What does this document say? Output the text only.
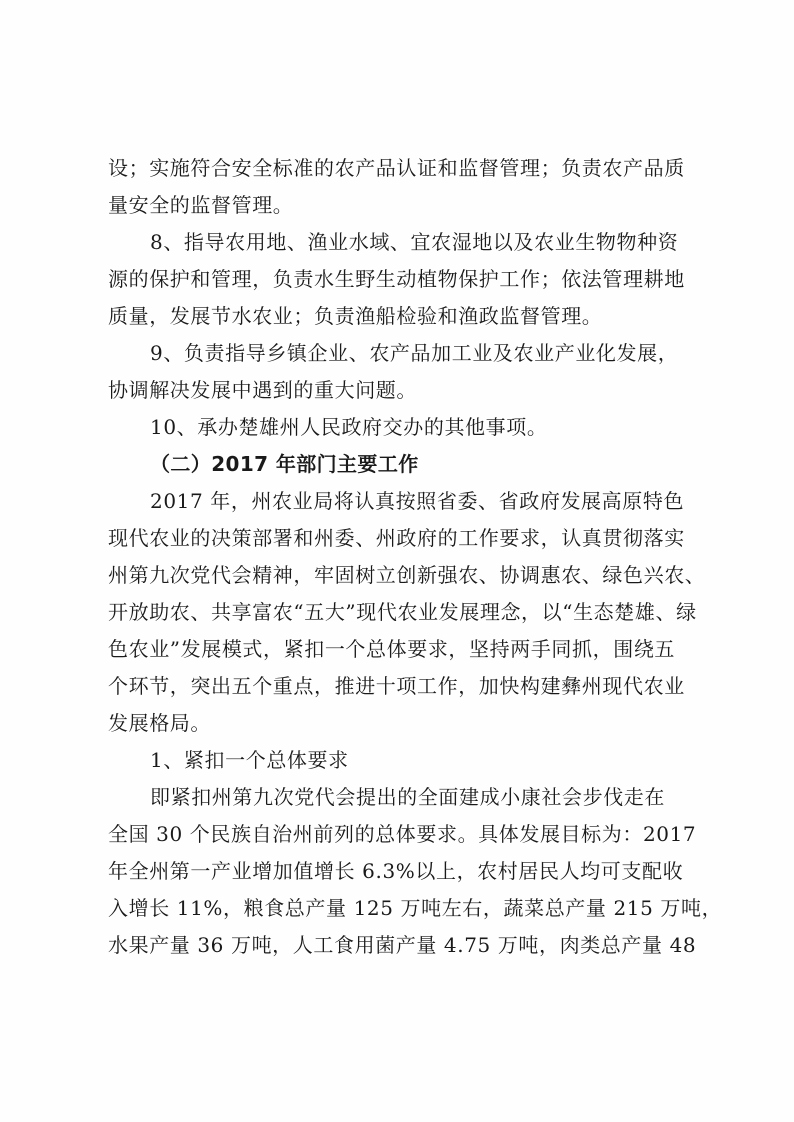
设；实施符合安全标准的农产品认证和监督管理；负责农产品质
量安全的监督管理。
8、指导农用地、渔业水域、宜农湿地以及农业生物物种资
源的保护和管理，负责水生野生动植物保护工作；依法管理耕地
质量，发展节水农业；负责渔船检验和渔政监督管理。
9、负责指导乡镇企业、农产品加工业及农业产业化发展，
协调解决发展中遇到的重大问题。
10、承办楚雄州人民政府交办的其他事项。
（二）2017 年部门主要工作
2017 年，州农业局将认真按照省委、省政府发展高原特色
现代农业的决策部署和州委、州政府的工作要求，认真贯彻落实
州第九次党代会精神，牢固树立创新强农、协调惠农、绿色兴农、
开放助农、共享富农“五大”现代农业发展理念，以“生态楚雄、绿
色农业”发展模式，紧扣一个总体要求，坚持两手同抓，围绕五
个环节，突出五个重点，推进十项工作，加快构建彝州现代农业
发展格局。
1、紧扣一个总体要求
即紧扣州第九次党代会提出的全面建成小康社会步伐走在
全国 30 个民族自治州前列的总体要求。具体发展目标为：2017
年全州第一产业增加值增长 6.3%以上，农村居民人均可支配收
入增长 11%，粮食总产量 125 万吨左右，蔬菜总产量 215 万吨，
水果产量 36 万吨，人工食用菌产量 4.75 万吨，肉类总产量 48
